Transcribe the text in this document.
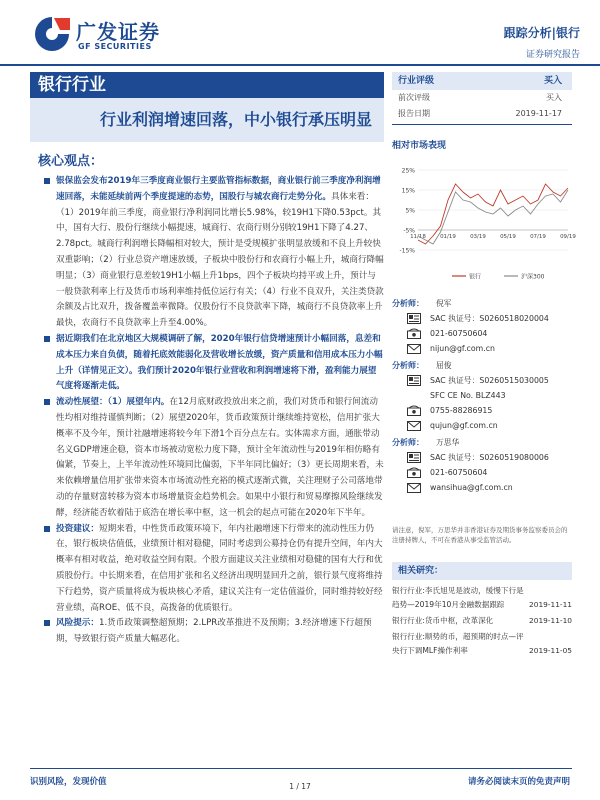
广发证券
GF SECURITIES
跟踪分析|银行
证券研究报告
银行行业
行业利润增速回落，中小银行承压明显
核心观点：
银保监会发布2019年三季度商业银行主要监管指标数据，商业银行前三季度净利润增速回落，未能延续前两个季度提速的态势，国股行与城农商行走势分化。具体来看：（1）2019年前三季度，商业银行净利润同比增长5.98%，较19H1下降0.53pct。其中，国有大行、股份行继续小幅提速，城商行、农商行则分别较19H1下降了4.27、2.78pct。城商行利润增长降幅相对较大，预计是受规模扩张明显放缓和不良上升较快双重影响；（2）行业总资产增速放缓，子板块中股份行和农商行小幅上升，城商行降幅明显；（3）商业银行息差较19H1小幅上升1bps，四个子板块均持平或上升，预计与一般贷款利率上行及货币市场利率维持低位运行有关；（4）行业不良双升，关注类贷款余额及占比双升，拨备覆盖率微降。仅股份行不良贷款率下降，城商行不良贷款率上升最快，农商行不良贷款率上升至4.00%。
据近期我们在北京地区大规模调研了解，2020年银行信贷增速预计小幅回落，息差和成本压力来自负债，随着托底效能弱化及营收增长放缓，资产质量和信用成本压力小幅上升（详情见正文）。我们预计2020年银行业营收和利润增速将下滑，盈利能力展望气度将逐渐走低。
流动性展望：（1）展望年内。在12月底财政投放出来之前，我们对货币和银行间流动性均相对维持谨慎判断；（2）展望2020年，货币政策预计继续维持宽松，信用扩张大概率不及今年，预计社融增速将较今年下滑1个百分点左右。实体需求方面，通胀带动名义GDP增速企稳，资本市场被动宽松力度下降，预计全年流动性与2019年相仿略有偏紧，节奏上，上半年流动性环境同比偏弱，下半年同比偏好；（3）更长周期来看，未来依赖增量信用扩张带来资本市场流动性充裕的模式逐渐式微，关注理财子公司落地带动的存量财富转移为资本市场增量资金趋势机会。如果中小银行和贸易摩擦风险继续发酵，经济能否软着陆于底浩在增长率中枢，这一机会的起点可能在2020年下半年。
投资建议：短期来看，中性货币政策环境下，年内社融增速下行带来的流动性压力仍在，银行板块估值低，业绩预计相对稳健，同时考虑到公募持仓仍有提升空间，年内大概率有相对收益，绝对收益空间有限。个股方面建议关注业绩相对稳健的国有大行和优质股份行。中长期来看，在信用扩张和名义经济出现明显回升之前，银行景气度将维持下行趋势，资产质量将成为板块核心矛盾，建议关注有一定估值溢价，同时维持较好经营业绩，高ROE、低不良，高拨备的优质银行。
风险提示：1.货币政策调整超预期；2.LPR改革推进不及预期；3.经济增速下行超预期，导致银行资产质量大幅恶化。
行业评级	买入
前次评级	买入
报告日期	2019-11-17
相对市场表现
25%
15%
5%
-5%
-15%
11/18	01/19	03/19	05/19	07/19	09/19
银行	沪深300
分析师：	倪军
SAC 执证号：S0260518020004
021-60750604
nijun@gf.com.cn
分析师：	屈俊
SAC 执证号：S0260515030005
SFC CE No. BLZ443
0755-88286915
qujun@gf.com.cn
分析师：	万思华
SAC 执证号：S0260519080006
021-60750604
wansihua@gf.com.cn
请注意，倪军，万思华并非香港证券及期货事务监察委员会的注册持牌人，不可在香港从事受监管活动。
相关研究：
银行行业:李氏旭见是波动，缓慢下行是趋势—2019年10月金融数据跟踪	2019-11-11
银行行业:货币中枢，改革深化	2019-11-10
银行行业:顺势的币，超预期的时点—评央行下调MLF操作利率	2019-11-05
识别风险，发现价值	请务必阅读末页的免责声明
1 / 17
